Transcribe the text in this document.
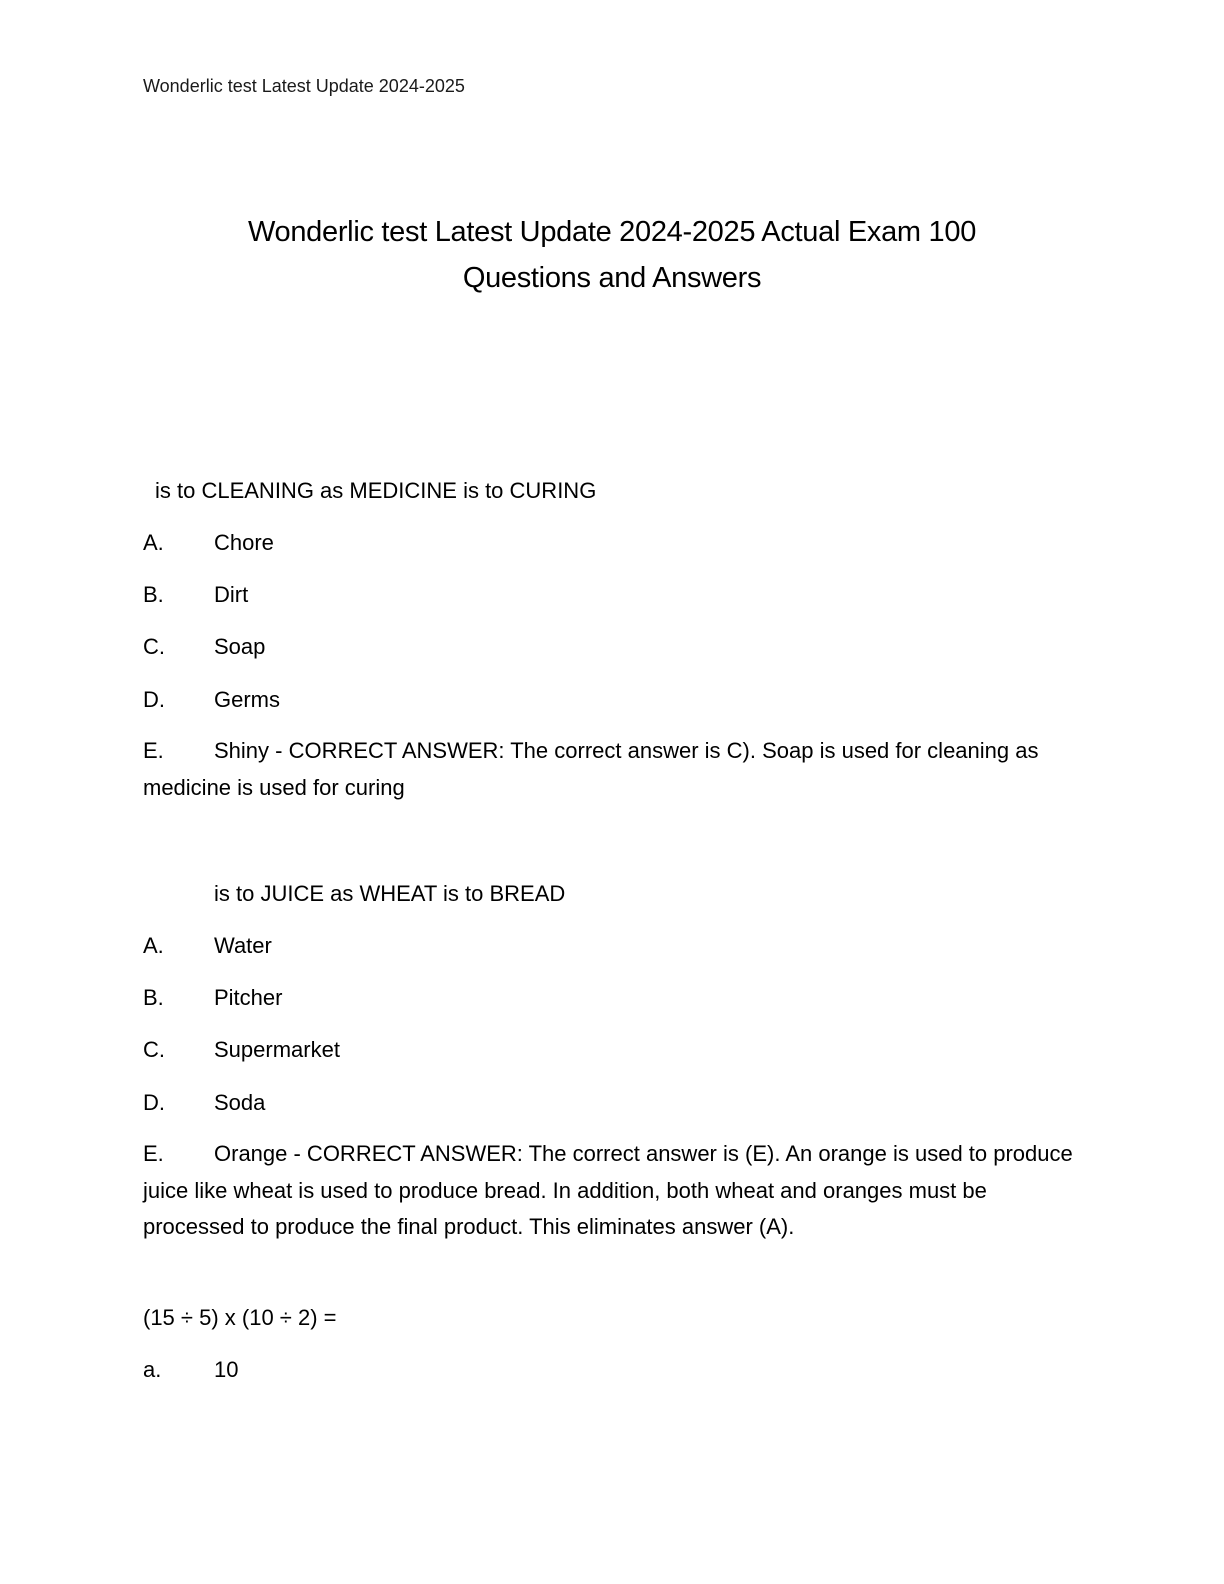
Wonderlic test Latest Update 2024-2025
Wonderlic test Latest Update 2024-2025 Actual Exam 100
Questions and Answers
is to CLEANING as MEDICINE is to CURING
A. Chore
B. Dirt
C. Soap
D. Germs
E. Shiny - CORRECT ANSWER: The correct answer is C). Soap is used for cleaning as medicine is used for curing
is to JUICE as WHEAT is to BREAD
A. Water
B. Pitcher
C. Supermarket
D. Soda
E. Orange - CORRECT ANSWER: The correct answer is (E). An orange is used to produce juice like wheat is used to produce bread. In addition, both wheat and oranges must be processed to produce the final product. This eliminates answer (A).
(15 ÷ 5) x (10 ÷ 2) =
a. 10
